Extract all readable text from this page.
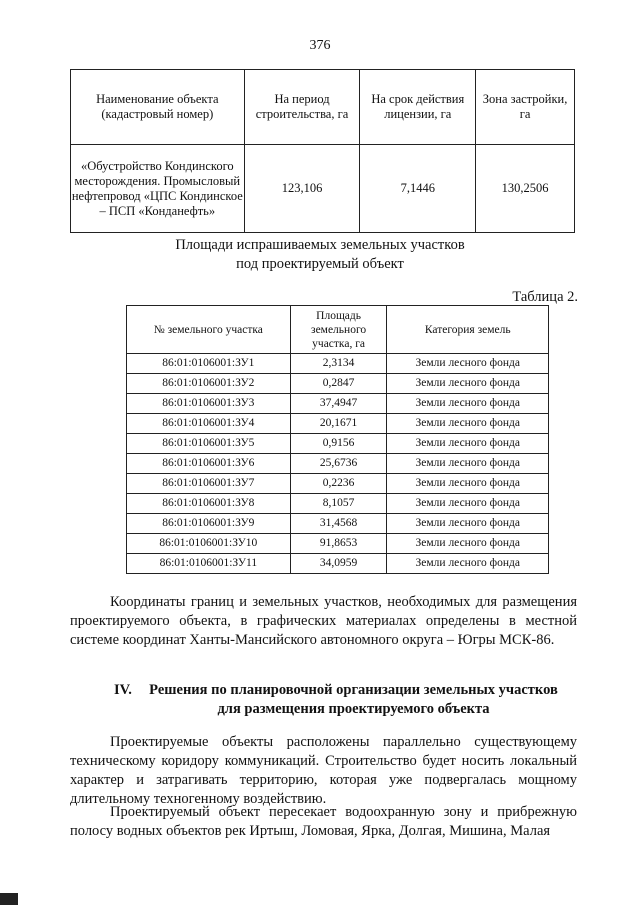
376
Наименование объекта (кадастровый номер)	На период строительства, га	На срок действия лицензии, га	Зона застройки, га
«Обустройство Кондинского месторождения. Промысловый нефтепровод «ЦПС Кондинское – ПСП «Конданефть»	123,106	7,1446	130,2506
Площади испрашиваемых земельных участков
под проектируемый объект
Таблица 2.
№ земельного участка	Площадь земельного участка, га	Категория земель
86:01:0106001:ЗУ1	2,3134	Земли лесного фонда
86:01:0106001:ЗУ2	0,2847	Земли лесного фонда
86:01:0106001:ЗУ3	37,4947	Земли лесного фонда
86:01:0106001:ЗУ4	20,1671	Земли лесного фонда
86:01:0106001:ЗУ5	0,9156	Земли лесного фонда
86:01:0106001:ЗУ6	25,6736	Земли лесного фонда
86:01:0106001:ЗУ7	0,2236	Земли лесного фонда
86:01:0106001:ЗУ8	8,1057	Земли лесного фонда
86:01:0106001:ЗУ9	31,4568	Земли лесного фонда
86:01:0106001:ЗУ10	91,8653	Земли лесного фонда
86:01:0106001:ЗУ11	34,0959	Земли лесного фонда
Координаты границ и земельных участков, необходимых для размещения проектируемого объекта, в графических материалах определены в местной системе координат Ханты-Мансийского автономного округа – Югры МСК-86.
IV.	Решения по планировочной организации земельных участков
для размещения проектируемого объекта
Проектируемые объекты расположены параллельно существующему техническому коридору коммуникаций. Строительство будет носить локальный характер и затрагивать территорию, которая уже подвергалась мощному длительному техногенному воздействию.
Проектируемый объект пересекает водоохранную зону и прибрежную полосу водных объектов рек Иртыш, Ломовая, Ярка, Долгая, Мишина, Малая
